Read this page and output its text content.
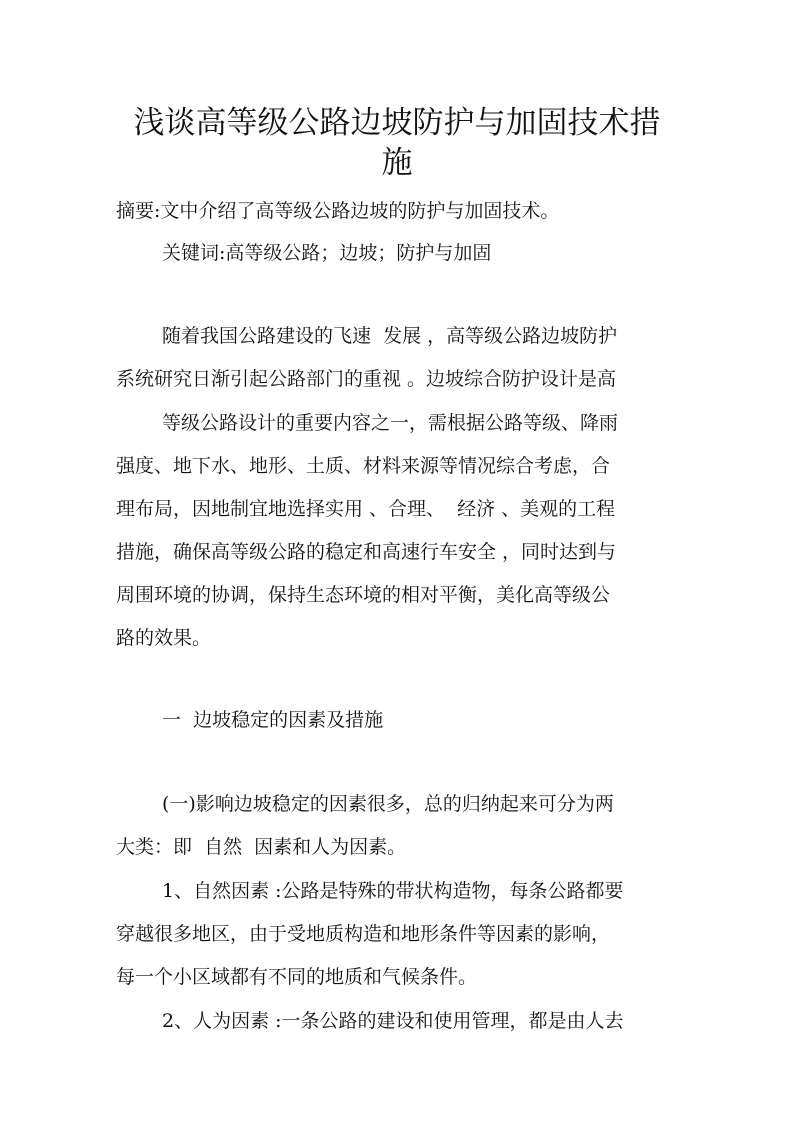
浅谈高等级公路边坡防护与加固技术措
施

摘要:文中介绍了高等级公路边坡的防护与加固技术。

关键词:高等级公路；边坡；防护与加固

随着我国公路建设的飞速  发展 ，高等级公路边坡防护

系统研究日渐引起公路部门的重视 。边坡综合防护设计是高

等级公路设计的重要内容之一，需根据公路等级、降雨

强度、地下水、地形、土质、材料来源等情况综合考虑，合

理布局，因地制宜地选择实用 、合理、  经济 、美观的工程

措施，确保高等级公路的稳定和高速行车安全 ，同时达到与

周围环境的协调，保持生态环境的相对平衡，美化高等级公

路的效果。

一  边坡稳定的因素及措施

(一)影响边坡稳定的因素很多，总的归纳起来可分为两

大类：即  自然  因素和人为因素。

1、自然因素 :公路是特殊的带状构造物，每条公路都要

穿越很多地区，由于受地质构造和地形条件等因素的影响，

每一个小区域都有不同的地质和气候条件。

2、人为因素 :一条公路的建设和使用管理，都是由人去
